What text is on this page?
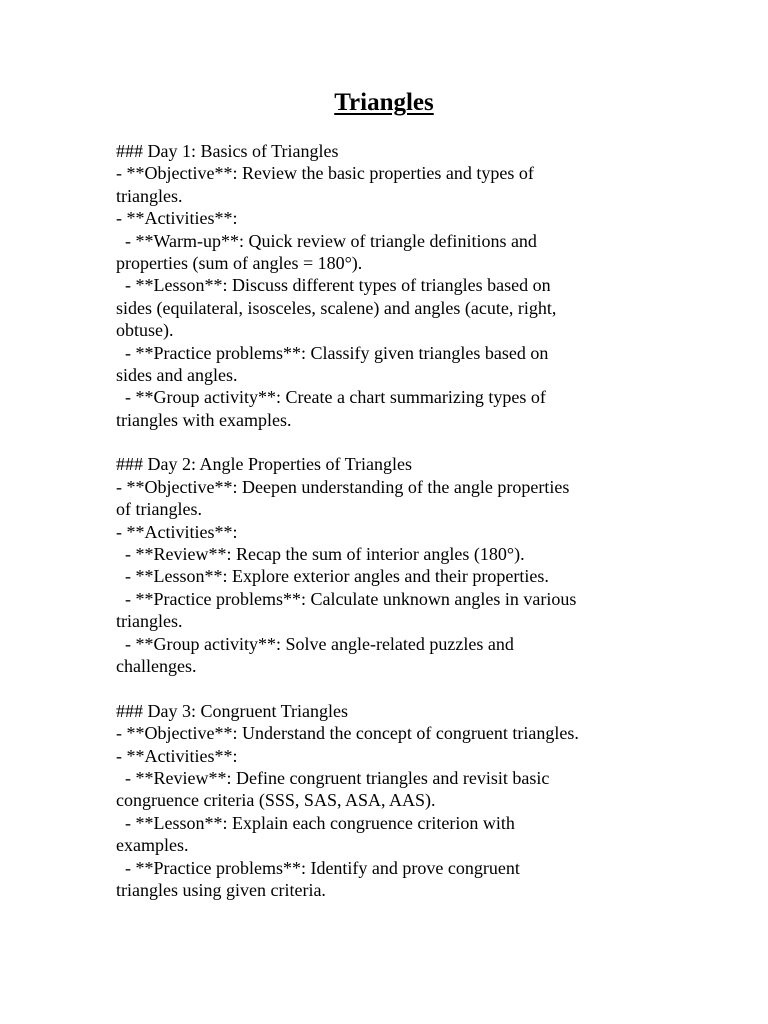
Triangles
### Day 1: Basics of Triangles
- **Objective**: Review the basic properties and types of
triangles.
- **Activities**:
- **Warm-up**: Quick review of triangle definitions and
properties (sum of angles = 180°).
- **Lesson**: Discuss different types of triangles based on
sides (equilateral, isosceles, scalene) and angles (acute, right,
obtuse).
- **Practice problems**: Classify given triangles based on
sides and angles.
- **Group activity**: Create a chart summarizing types of
triangles with examples.
### Day 2: Angle Properties of Triangles
- **Objective**: Deepen understanding of the angle properties
of triangles.
- **Activities**:
- **Review**: Recap the sum of interior angles (180°).
- **Lesson**: Explore exterior angles and their properties.
- **Practice problems**: Calculate unknown angles in various
triangles.
- **Group activity**: Solve angle-related puzzles and
challenges.
### Day 3: Congruent Triangles
- **Objective**: Understand the concept of congruent triangles.
- **Activities**:
- **Review**: Define congruent triangles and revisit basic
congruence criteria (SSS, SAS, ASA, AAS).
- **Lesson**: Explain each congruence criterion with
examples.
- **Practice problems**: Identify and prove congruent
triangles using given criteria.
